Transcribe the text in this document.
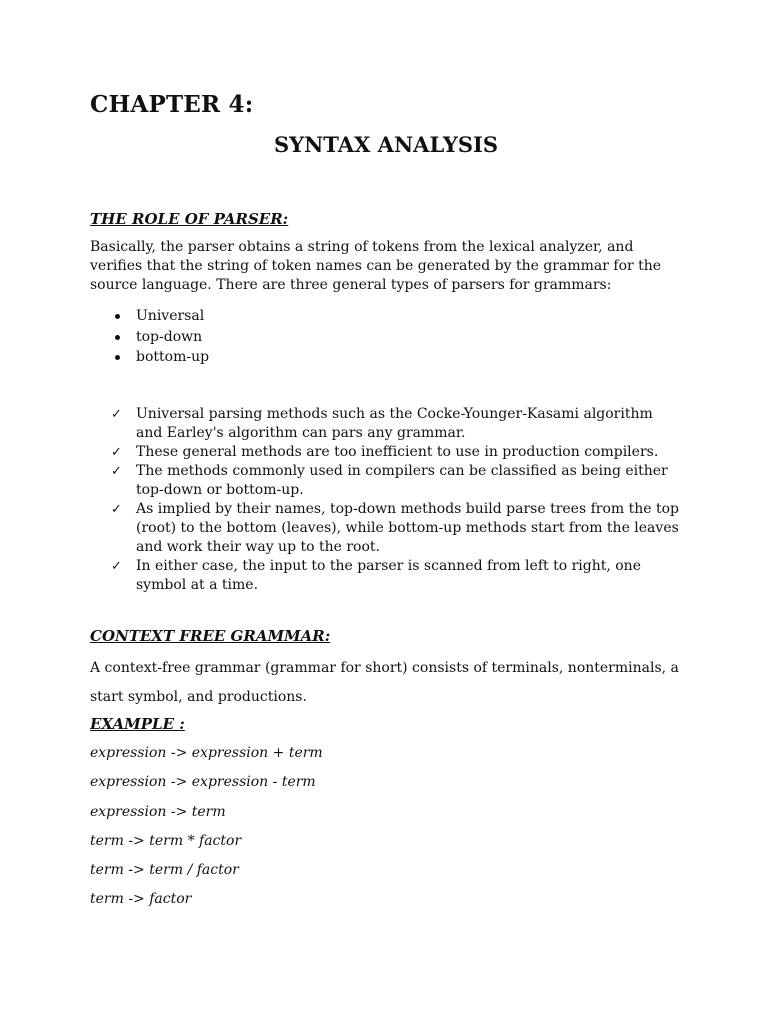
CHAPTER 4:
SYNTAX ANALYSIS
THE ROLE OF PARSER:

Basically, the parser obtains a string of tokens from the lexical analyzer, and verifies that the string of token names can be generated by the grammar for the source language. There are three general types of parsers for grammars:

Universal
top-down
bottom-up
✓ Universal parsing methods such as the Cocke-Younger-Kasami algorithm and Earley's algorithm can pars any grammar.
✓ These general methods are too inefficient to use in production compilers.
✓ The methods commonly used in compilers can be classified as being either top-down or bottom-up.
✓ As implied by their names, top-down methods build parse trees from the top (root) to the bottom (leaves), while bottom-up methods start from the leaves and work their way up to the root.
✓ In either case, the input to the parser is scanned from left to right, one symbol at a time.
CONTEXT FREE GRAMMAR:

A context-free grammar (grammar for short) consists of terminals, nonterminals, a start symbol, and productions.

EXAMPLE :
expression -> expression + term
expression -> expression - term
expression -> term
term -> term * factor
term -> term / factor
term -> factor
